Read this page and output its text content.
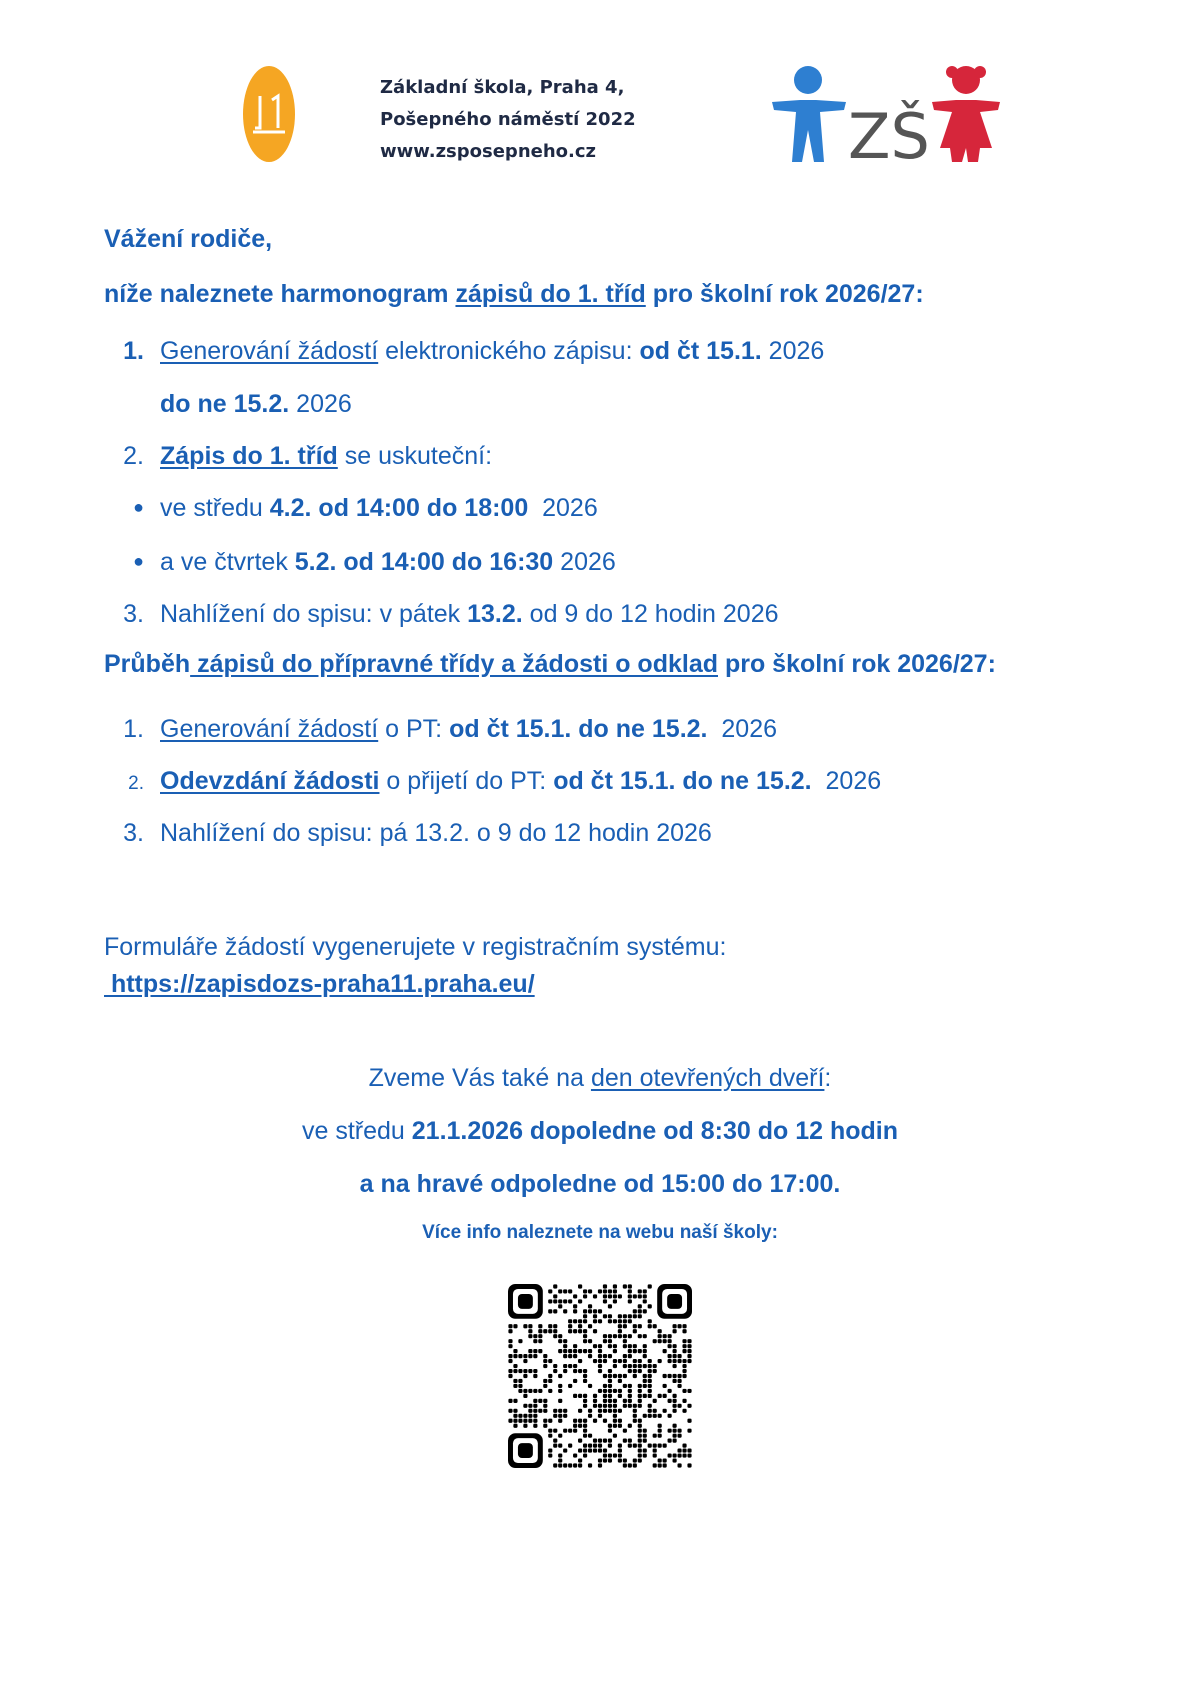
Základní škola, Praha 4,
Pošepného náměstí 2022
www.zsposepneho.cz	ZŠ
Vážení rodiče,
níže naleznete harmonogram zápisů do 1. tříd pro školní rok 2026/27:
1. Generování žádostí elektronického zápisu: od čt 15.1. 2026
do ne 15.2. 2026
2. Zápis do 1. tříd se uskuteční:
● ve středu 4.2. od 14:00 do 18:00  2026
● a ve čtvrtek 5.2. od 14:00 do 16:30 2026
3. Nahlížení do spisu: v pátek 13.2. od 9 do 12 hodin 2026
Průběh zápisů do přípravné třídy a žádosti o odklad pro školní rok 2026/27:
1. Generování žádostí o PT: od čt 15.1. do ne 15.2.  2026
2. Odevzdání žádosti o přijetí do PT: od čt 15.1. do ne 15.2.  2026
3. Nahlížení do spisu: pá 13.2. o 9 do 12 hodin 2026
Formuláře žádostí vygenerujete v registračním systému:
https://zapisdozs-praha11.praha.eu/
Zveme Vás také na den otevřených dveří:
ve středu 21.1.2026 dopoledne od 8:30 do 12 hodin
a na hravé odpoledne od 15:00 do 17:00.
Více info naleznete na webu naší školy:
